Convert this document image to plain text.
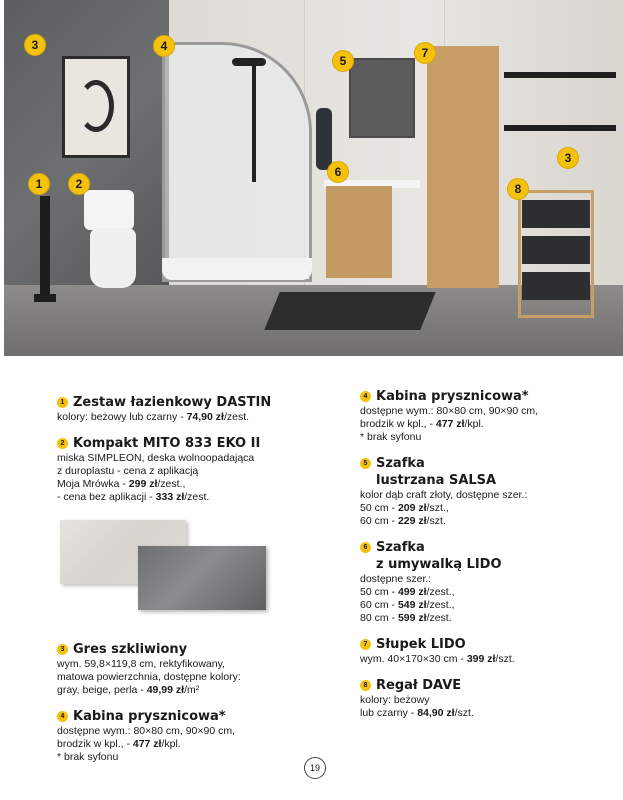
3	4
5
7
3
1	2
6
8
1 Zestaw łazienkowy DASTIN
kolory: beżowy lub czarny - 74,90 zł/zest.
2 Kompakt MITO 833 EKO II
miska SIMPLEON, deska wolnoopadająca
z duroplastu - cena z aplikacją
Moja Mrówka - 299 zł/zest.,
- cena bez aplikacji - 333 zł/zest.
3 Gres szkliwiony
wym. 59,8×119,8 cm, rektyfikowany,
matowa powierzchnia, dostępne kolory:
gray, beige, perla - 49,99 zł/m²
4 Kabina prysznicowa*
dostępne wym.: 80×80 cm, 90×90 cm,
brodzik w kpl., - 477 zł/kpl.
* brak syfonu
4 Kabina prysznicowa*
dostępne wym.: 80×80 cm, 90×90 cm,
brodzik w kpl., - 477 zł/kpl.
* brak syfonu
5 Szafka
lustrzana SALSA
kolor dąb craft złoty, dostępne szer.:
50 cm - 209 zł/szt.,
60 cm - 229 zł/szt.
6 Szafka
z umywalką LIDO
dostępne szer.:
50 cm - 499 zł/zest.,
60 cm - 549 zł/zest.,
80 cm - 599 zł/zest.
7 Słupek LIDO
wym. 40×170×30 cm - 399 zł/szt.
8 Regał DAVE
kolory: beżowy
lub czarny - 84,90 zł/szt.
19
